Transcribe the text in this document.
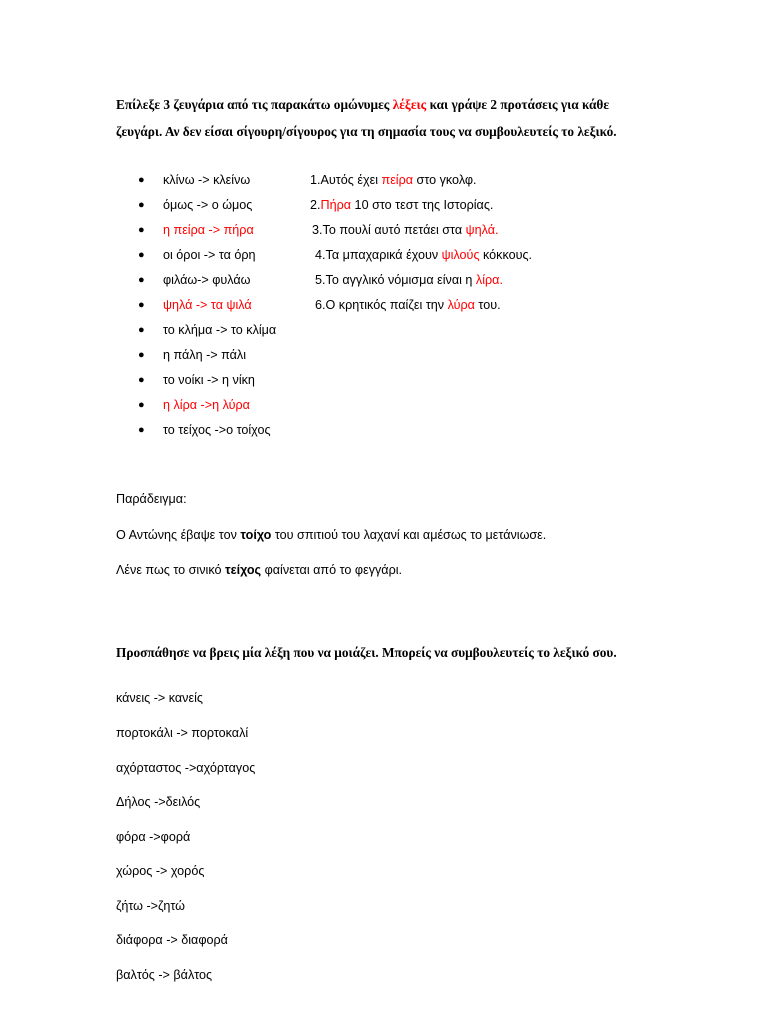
Επίλεξε 3 ζευγάρια από τις παρακάτω ομώνυμες λέξεις και γράψε 2 προτάσεις για κάθε ζευγάρι. Αν δεν είσαι σίγουρη/σίγουρος για τη σημασία τους να συμβουλευτείς το λεξικό.

● κλίνω -> κλείνω	1.Αυτός έχει πείρα στο γκολφ.
● όμως -> ο ώμος	2.Πήρα 10 στο τεστ της Ιστορίας.
● η πείρα -> πήρα	3.Το πουλί αυτό πετάει στα ψηλά.
● οι όροι -> τα όρη	4.Τα μπαχαρικά έχουν ψιλούς κόκκους.
● φιλάω-> φυλάω	5.Το αγγλικό νόμισμα είναι η λίρα.
● ψηλά -> τα ψιλά	6.Ο κρητικός παίζει την λύρα του.
● το κλήμα -> το κλίμα
● η πάλη -> πάλι
● το νοίκι -> η νίκη
● η λίρα ->η λύρα
● το τείχος ->ο τοίχος
Παράδειγμα:
Ο Αντώνης έβαψε τον τοίχο του σπιτιού του λαχανί και αμέσως το μετάνιωσε.
Λένε πως το σινικό τείχος φαίνεται από το φεγγάρι.

Προσπάθησε να βρεις μία λέξη που να μοιάζει. Μπορείς να συμβουλευτείς το λεξικό σου.

κάνεις -> κανείς
πορτοκάλι -> πορτοκαλί
αχόρταστος ->αχόρταγος
Δήλος ->δειλός
φόρα ->φορά
χώρος -> χορός
ζήτω ->ζητώ
διάφορα -> διαφορά
βαλτός -> βάλτος
